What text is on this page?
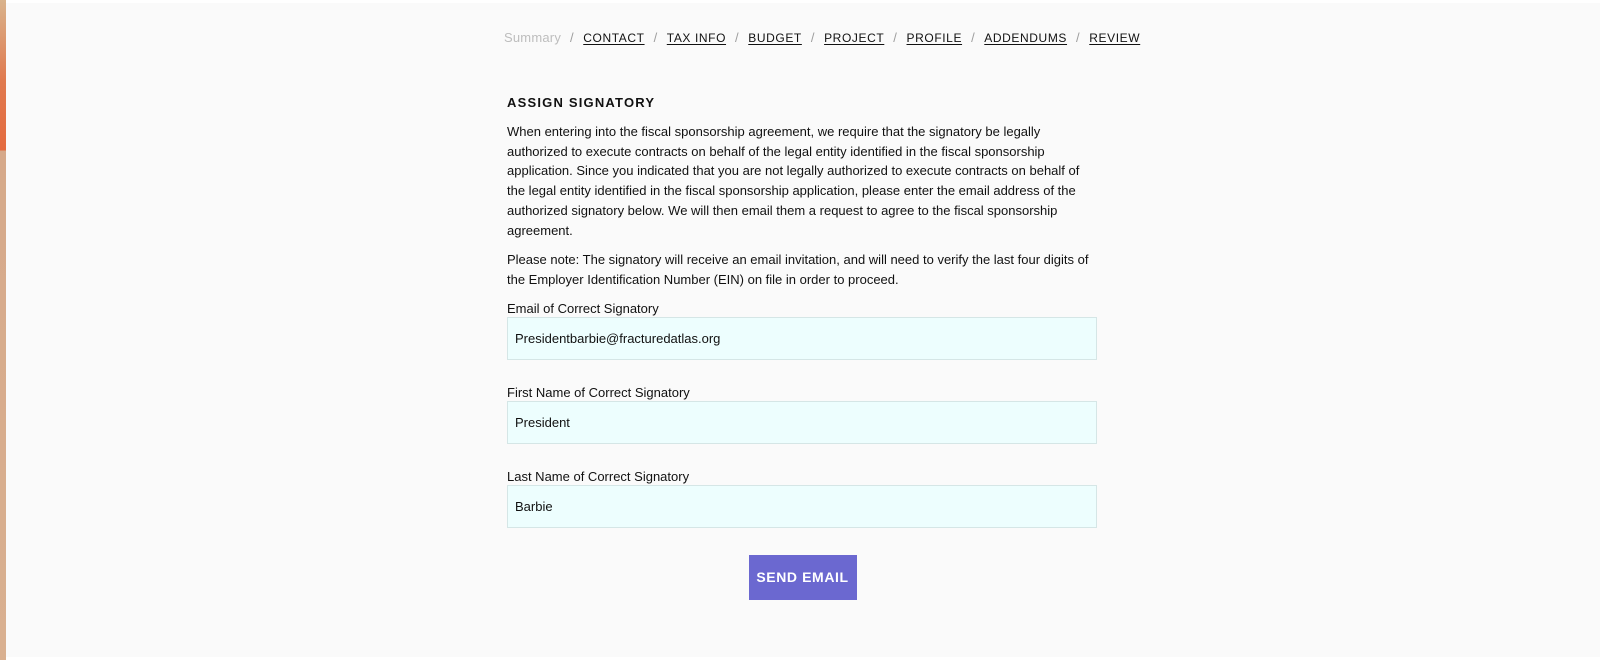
Summary / CONTACT / TAX INFO / BUDGET / PROJECT / PROFILE / ADDENDUMS / REVIEW
ASSIGN SIGNATORY

When entering into the fiscal sponsorship agreement, we require that the signatory be legally authorized to execute contracts on behalf of the legal entity identified in the fiscal sponsorship application. Since you indicated that you are not legally authorized to execute contracts on behalf of the legal entity identified in the fiscal sponsorship application, please enter the email address of the authorized signatory below. We will then email them a request to agree to the fiscal sponsorship agreement.

Please note: The signatory will receive an email invitation, and will need to verify the last four digits of the Employer Identification Number (EIN) on file in order to proceed.

Email of Correct Signatory
Presidentbarbie@fracturedatlas.org
First Name of Correct Signatory
President
Last Name of Correct Signatory
Barbie
SEND EMAIL
